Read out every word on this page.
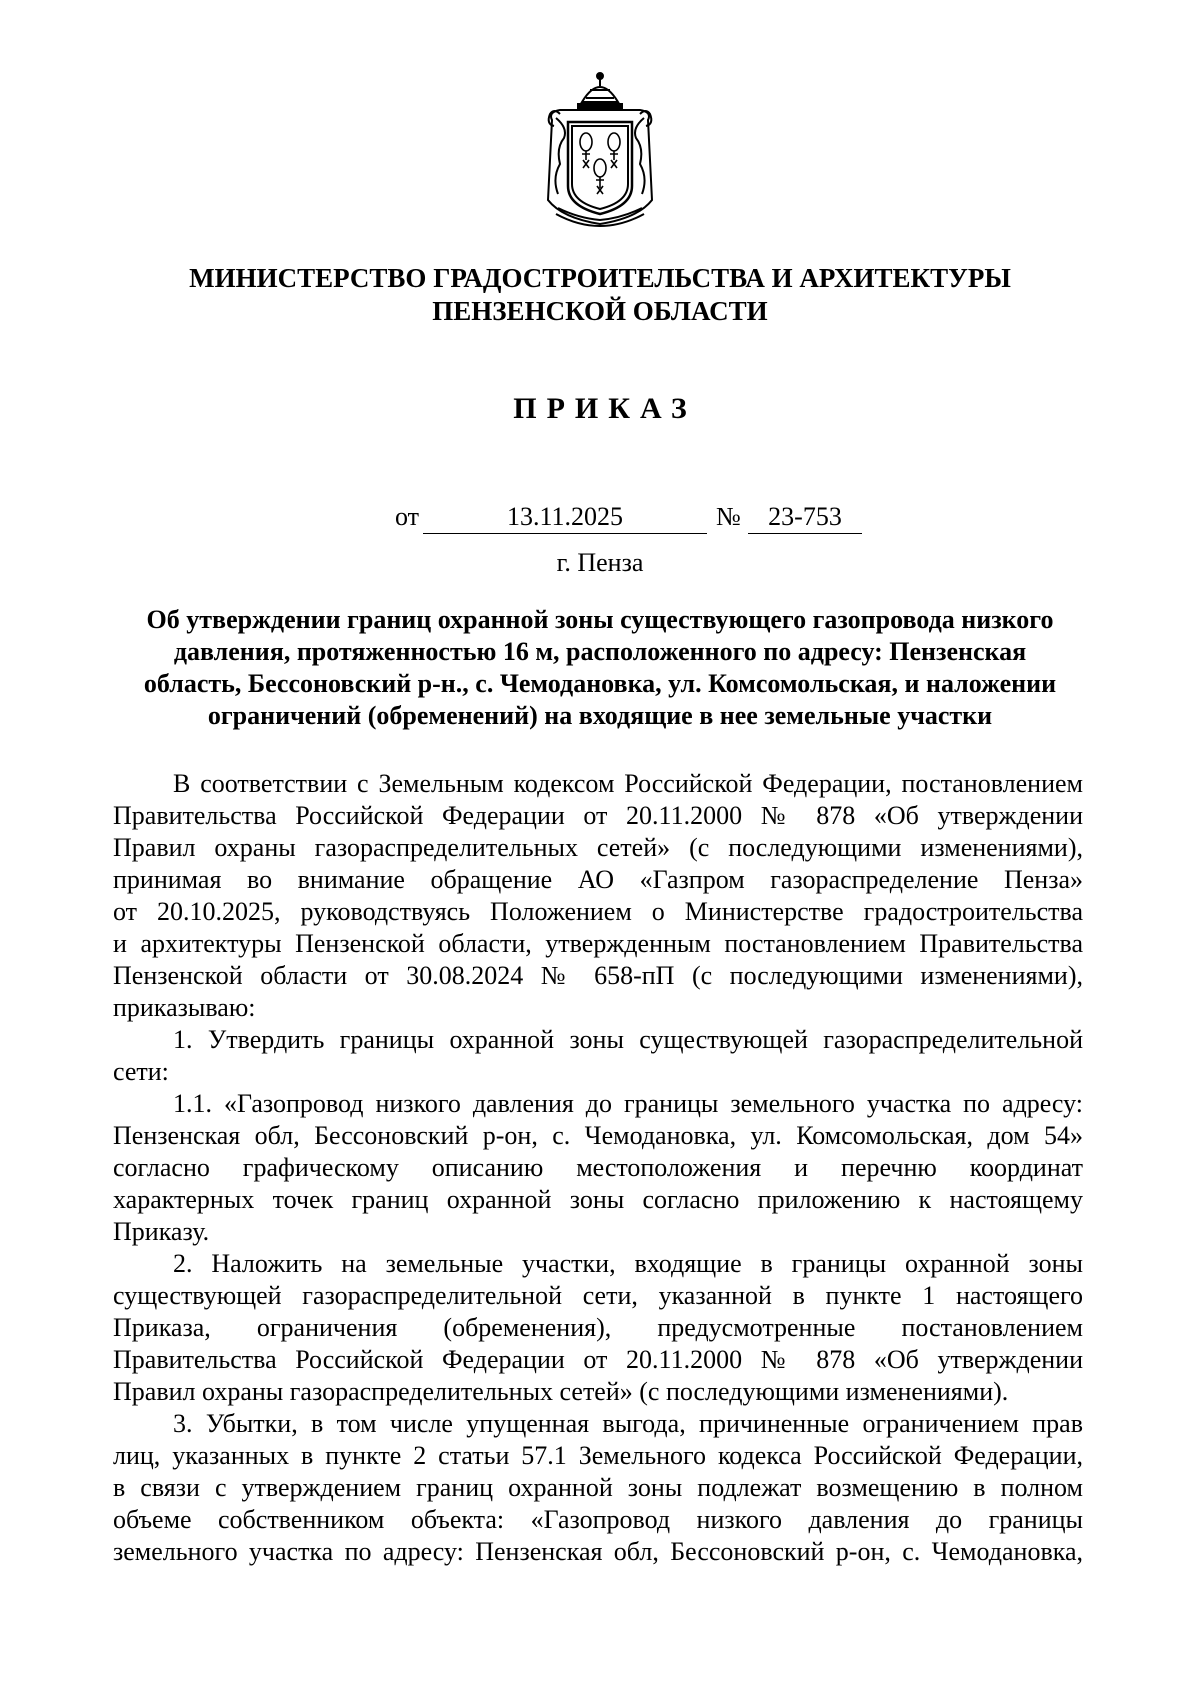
МИНИСТЕРСТВО ГРАДОСТРОИТЕЛЬСТВА И АРХИТЕКТУРЫ
ПЕНЗЕНСКОЙ ОБЛАСТИ
ПРИКАЗ
от	13.11.2025	№	23-753
г. Пенза
Об утверждении границ охранной зоны существующего газопровода низкого
давления, протяженностью 16 м, расположенного по адресу: Пензенская
область, Бессоновский р-н., с. Чемодановка, ул. Комсомольская, и наложении
ограничений (обременений) на входящие в нее земельные участки
В соответствии с Земельным кодексом Российской Федерации, постановлением
Правительства Российской Федерации от 20.11.2000 № 878 «Об утверждении
Правил охраны газораспределительных сетей» (с последующими изменениями),
принимая во внимание обращение АО «Газпром газораспределение Пенза»
от 20.10.2025, руководствуясь Положением о Министерстве градостроительства
и архитектуры Пензенской области, утвержденным постановлением Правительства
Пензенской области от 30.08.2024 № 658-пП (с последующими изменениями),
приказываю:
1. Утвердить границы охранной зоны существующей газораспределительной
сети:
1.1. «Газопровод низкого давления до границы земельного участка по адресу:
Пензенская обл, Бессоновский р-он, с. Чемодановка, ул. Комсомольская, дом 54»
согласно графическому описанию местоположения и перечню координат
характерных точек границ охранной зоны согласно приложению к настоящему
Приказу.
2. Наложить на земельные участки, входящие в границы охранной зоны
существующей газораспределительной сети, указанной в пункте 1 настоящего
Приказа, ограничения (обременения), предусмотренные постановлением
Правительства Российской Федерации от 20.11.2000 № 878 «Об утверждении
Правил охраны газораспределительных сетей» (с последующими изменениями).
3. Убытки, в том числе упущенная выгода, причиненные ограничением прав
лиц, указанных в пункте 2 статьи 57.1 Земельного кодекса Российской Федерации,
в связи с утверждением границ охранной зоны подлежат возмещению в полном
объеме собственником объекта: «Газопровод низкого давления до границы
земельного участка по адресу: Пензенская обл, Бессоновский р-он, с. Чемодановка,
